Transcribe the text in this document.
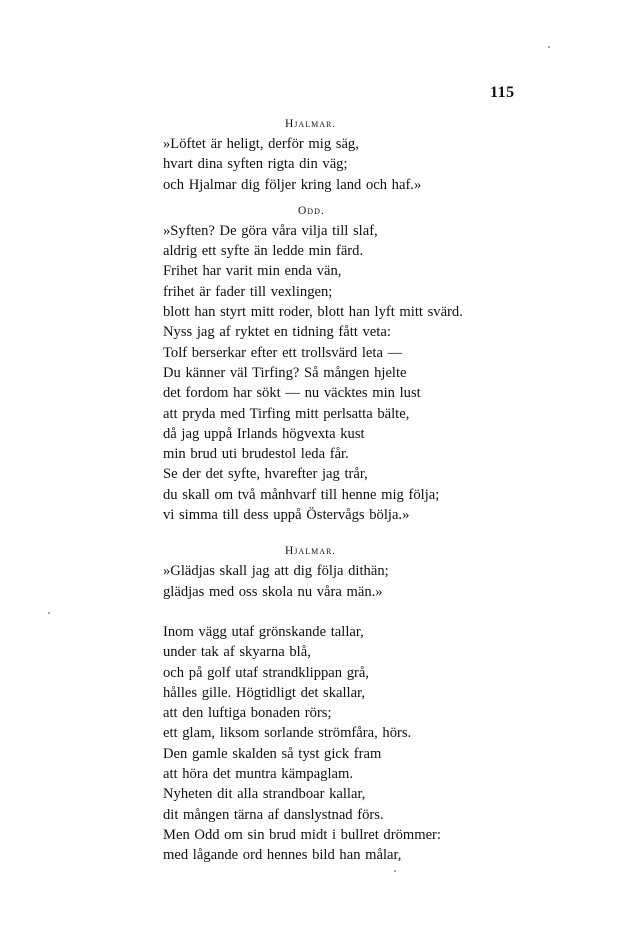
115
Hjalmar.
»Löftet är heligt, derför mig säg,
hvart dina syften rigta din väg;
och Hjalmar dig följer kring land och haf.»
Odd.
»Syften? De göra våra vilja till slaf,
aldrig ett syfte än ledde min färd.
Frihet har varit min enda vän,
frihet är fader till vexlingen;
blott han styrt mitt roder, blott han lyft mitt svärd.
Nyss jag af ryktet en tidning fått veta:
Tolf berserkar efter ett trollsvärd leta —
Du känner väl Tirfing? Så mången hjelte
det fordom har sökt — nu väcktes min lust
att pryda med Tirfing mitt perlsatta bälte,
då jag uppå Irlands högvexta kust
min brud uti brudestol leda får.
Se der det syfte, hvarefter jag trår,
du skall om två månhvarf till henne mig följa;
vi simma till dess uppå Östervågs bölja.»
Hjalmar.
»Glädjas skall jag att dig följa dithän;
glädjas med oss skola nu våra män.»
Inom vägg utaf grönskande tallar,
under tak af skyarna blå,
och på golf utaf strandklippan grå,
hålles gille. Högtidligt det skallar,
att den luftiga bonaden rörs;
ett glam, liksom sorlande strömfåra, hörs.
Den gamle skalden så tyst gick fram
att höra det muntra kämpaglam.
Nyheten dit alla strandboar kallar,
dit mången tärna af danslystnad förs.
Men Odd om sin brud midt i bullret drömmer:
med lågande ord hennes bild han målar,
